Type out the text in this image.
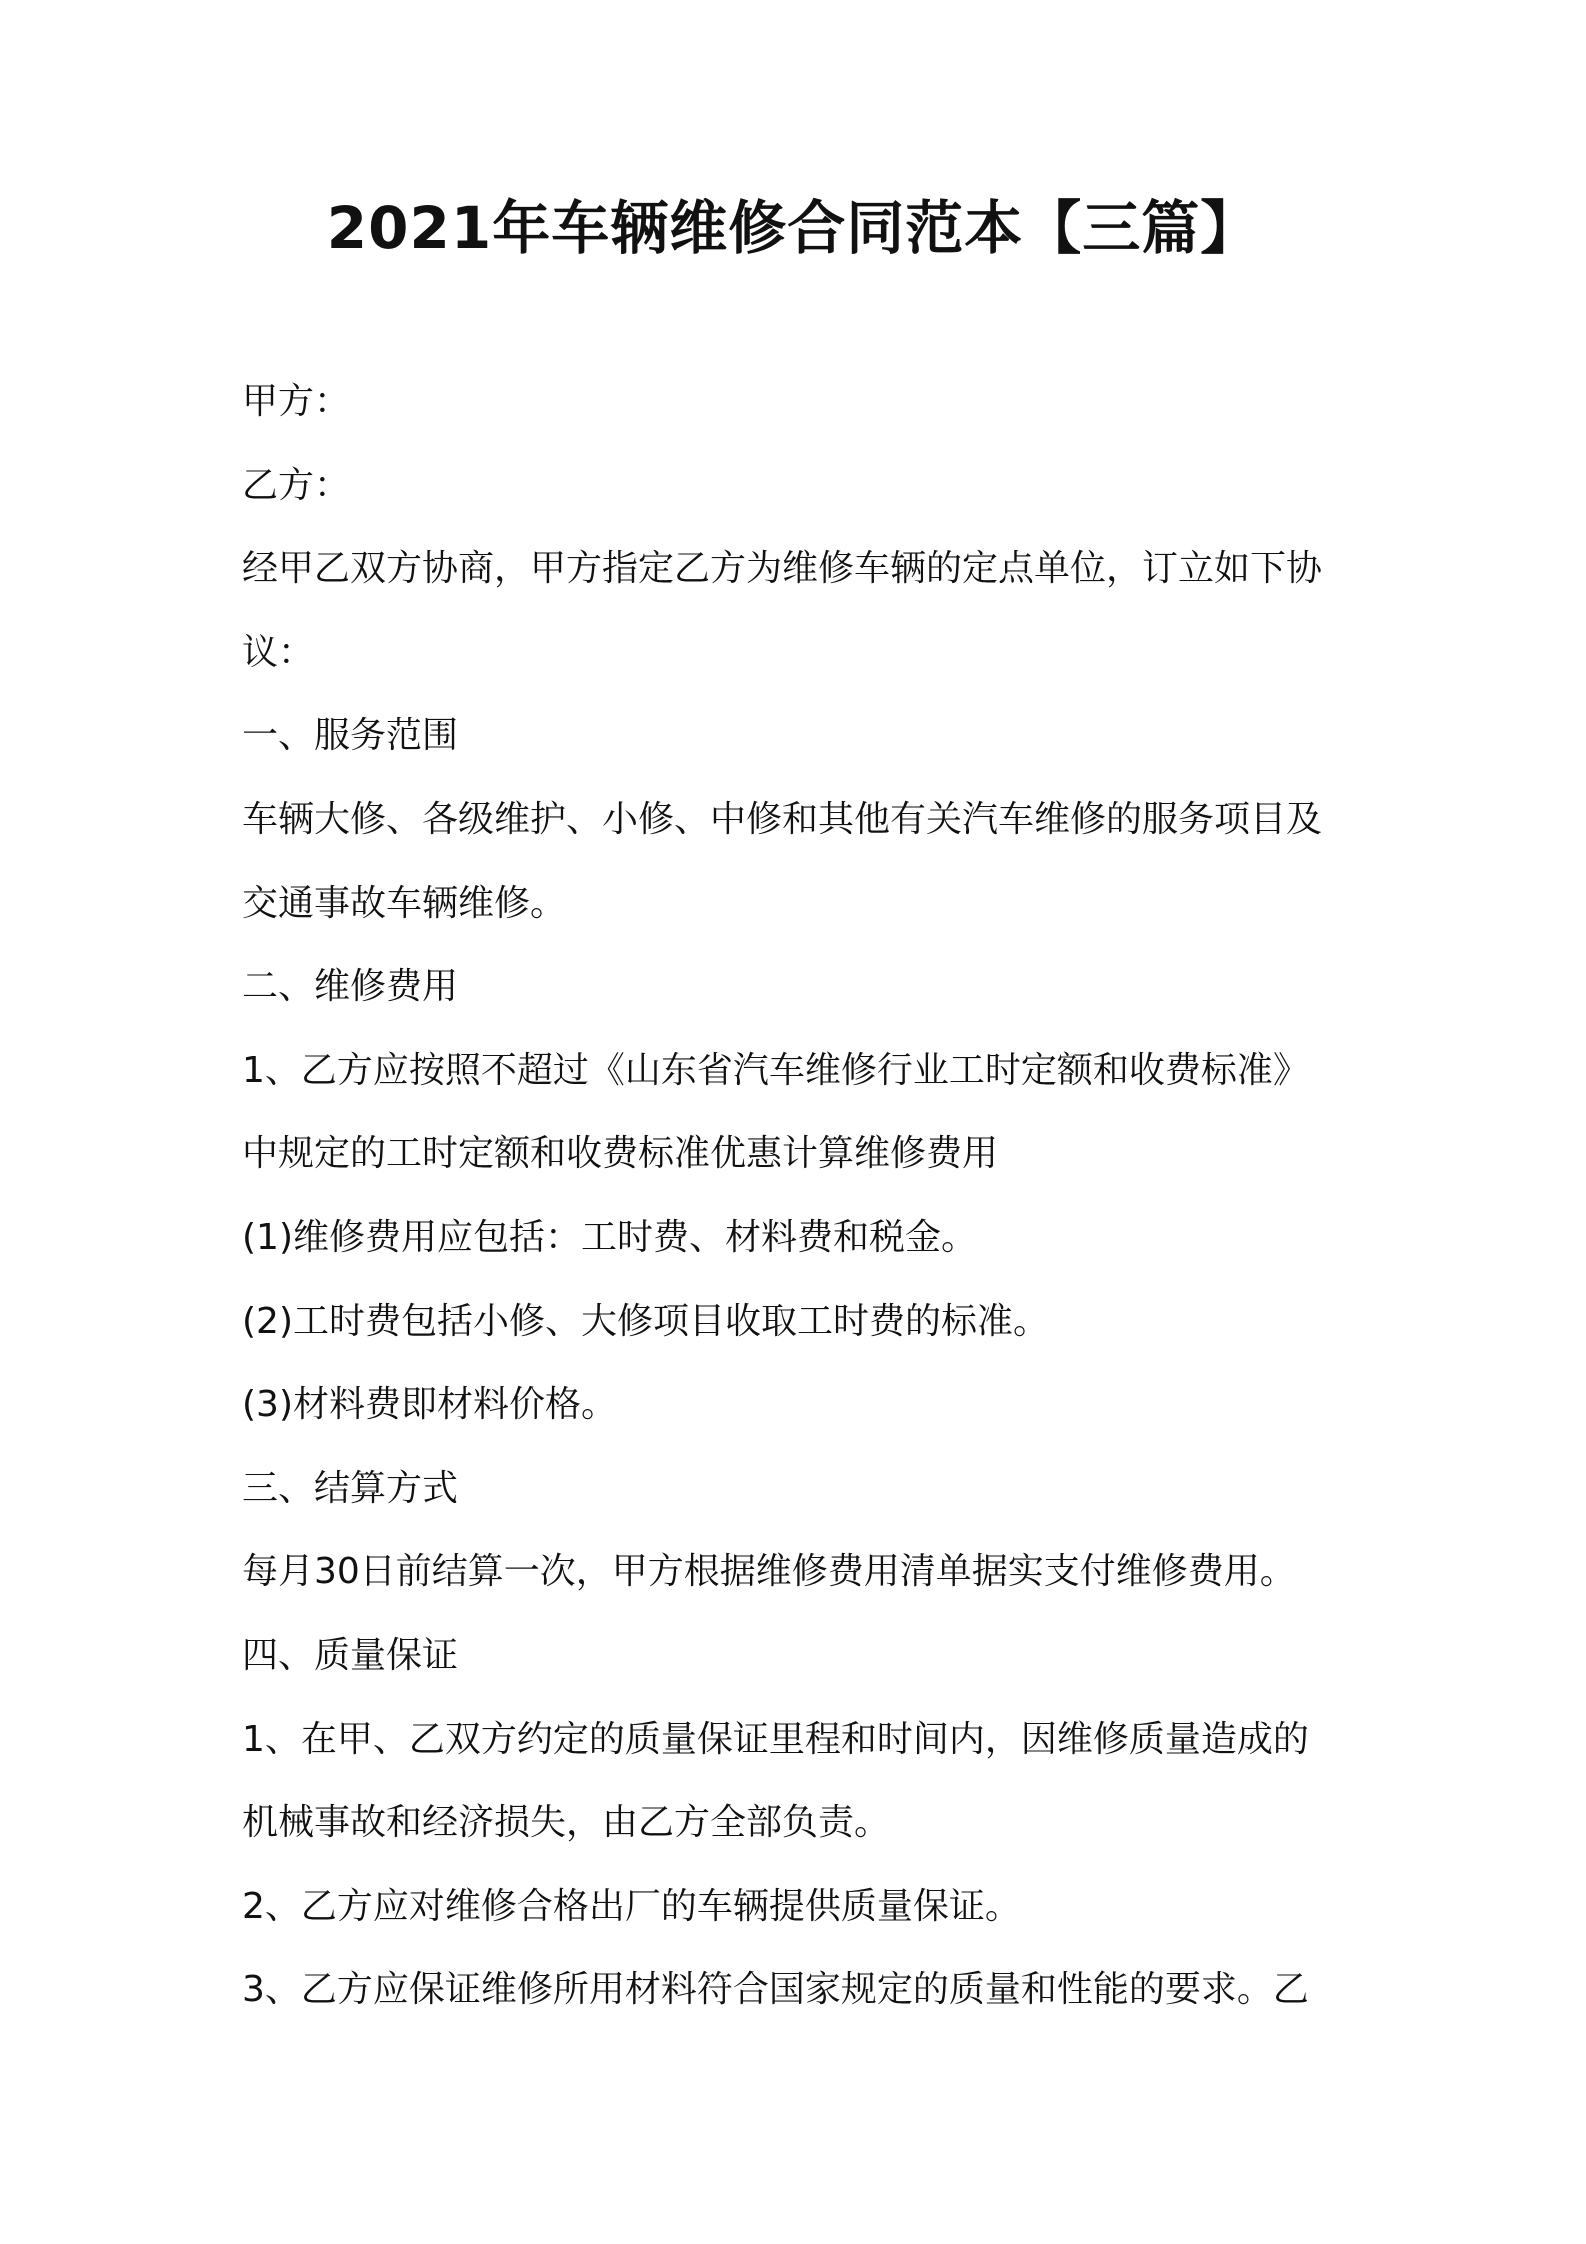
2021年车辆维修合同范本【三篇】

甲方：

乙方：

经甲乙双方协商，甲方指定乙方为维修车辆的定点单位，订立如下协

议：

一、服务范围

车辆大修、各级维护、小修、中修和其他有关汽车维修的服务项目及

交通事故车辆维修。

二、维修费用

1、乙方应按照不超过《山东省汽车维修行业工时定额和收费标准》

中规定的工时定额和收费标准优惠计算维修费用

(1)维修费用应包括：工时费、材料费和税金。

(2)工时费包括小修、大修项目收取工时费的标准。

(3)材料费即材料价格。

三、结算方式

每月30日前结算一次，甲方根据维修费用清单据实支付维修费用。

四、质量保证

1、在甲、乙双方约定的质量保证里程和时间内，因维修质量造成的

机械事故和经济损失，由乙方全部负责。

2、乙方应对维修合格出厂的车辆提供质量保证。

3、乙方应保证维修所用材料符合国家规定的质量和性能的要求。乙
